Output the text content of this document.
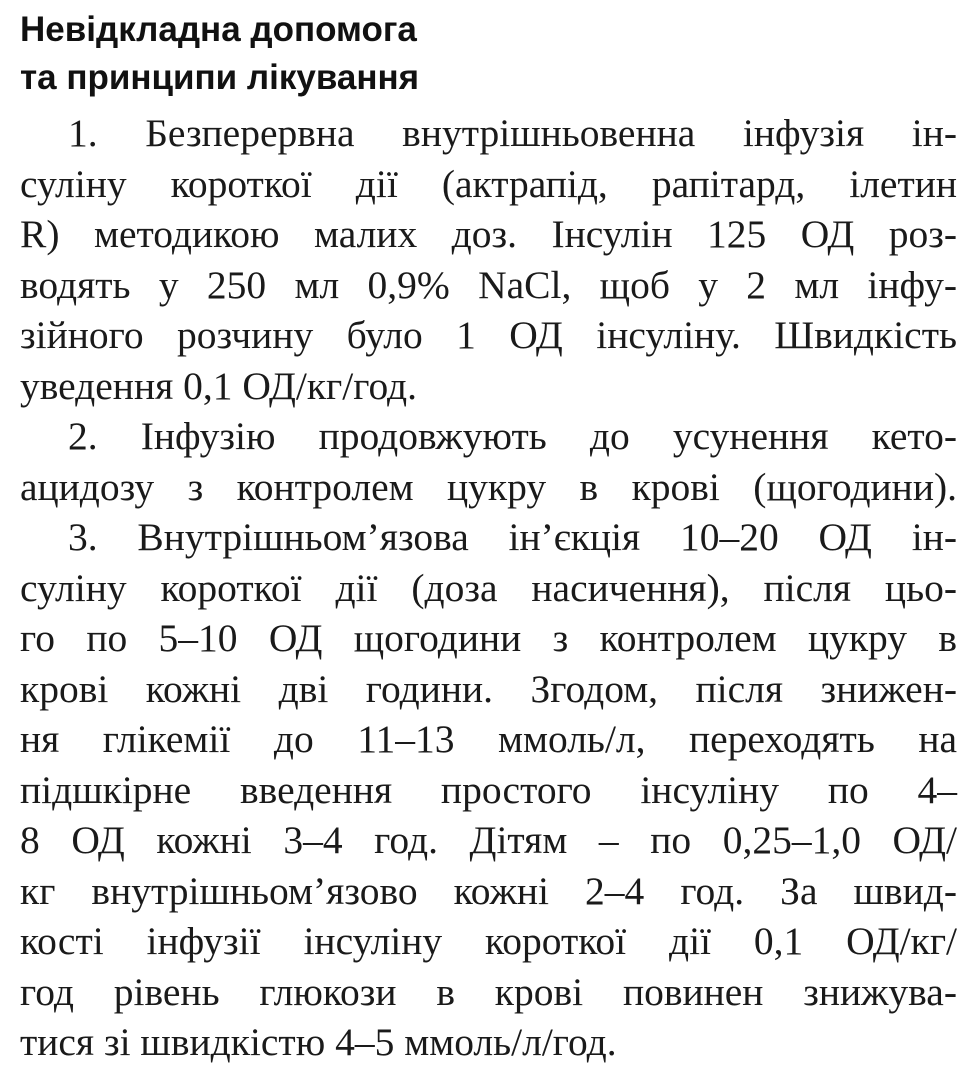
Невідкладна допомога
та принципи лікування
1. Безперервна внутрішньовенна інфузія ін-
суліну короткої дії (актрапід, рапітард, ілетин
R) методикою малих доз. Інсулін 125 ОД роз-
водять у 250 мл 0,9% NaCl, щоб у 2 мл інфу-
зійного розчину було 1 ОД інсуліну. Швидкість
уведення 0,1 ОД/кг/год.
2. Інфузію продовжують до усунення кето-
ацидозу з контролем цукру в крові (щогодини).
3. Внутрішньом’язова ін’єкція 10–20 ОД ін-
суліну короткої дії (доза насичення), після цьо-
го по 5–10 ОД щогодини з контролем цукру в
крові кожні дві години. Згодом, після знижен-
ня глікемії до 11–13 ммоль/л, переходять на
підшкірне введення простого інсуліну по 4–
8 ОД кожні 3–4 год. Дітям – по 0,25–1,0 ОД/
кг внутрішньом’язово кожні 2–4 год. За швид-
кості інфузії інсуліну короткої дії 0,1 ОД/кг/
год рівень глюкози в крові повинен знижува-
тися зі швидкістю 4–5 ммоль/л/год.
